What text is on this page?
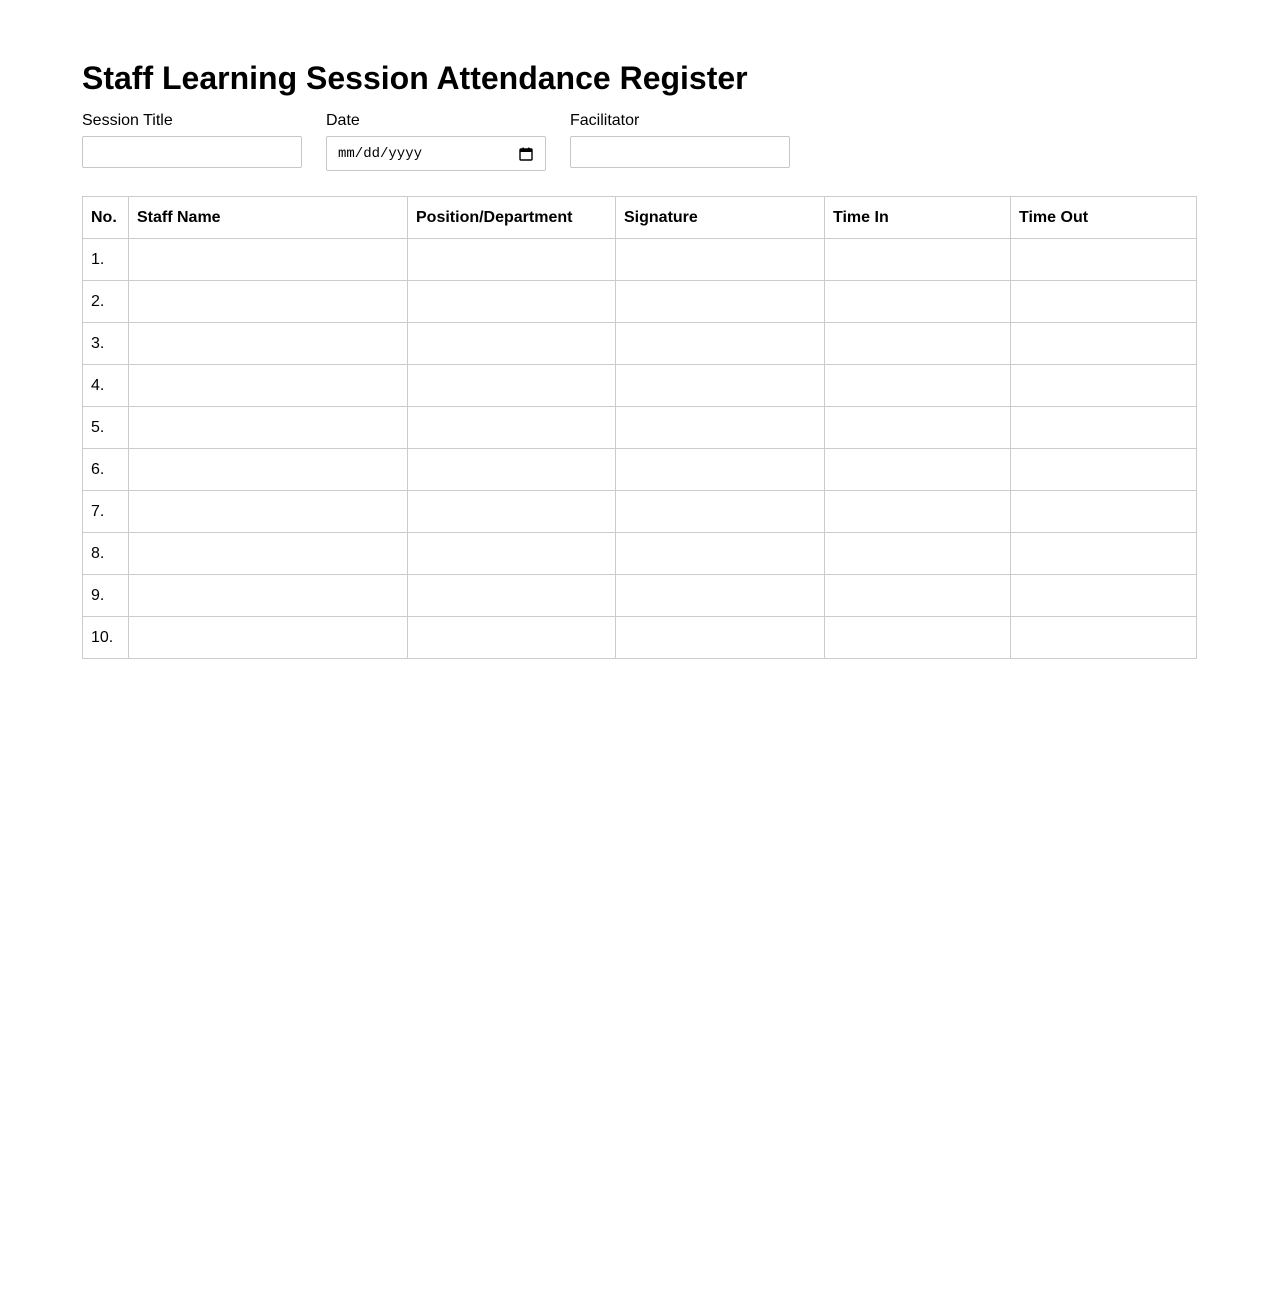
Staff Learning Session Attendance Register
Session Title	Date
mm/dd/yyyy
Facilitator
No.	Staff Name	Position/Department	Signature	Time In	Time Out
1.					
2.					
3.					
4.					
5.					
6.					
7.					
8.					
9.					
10.					
